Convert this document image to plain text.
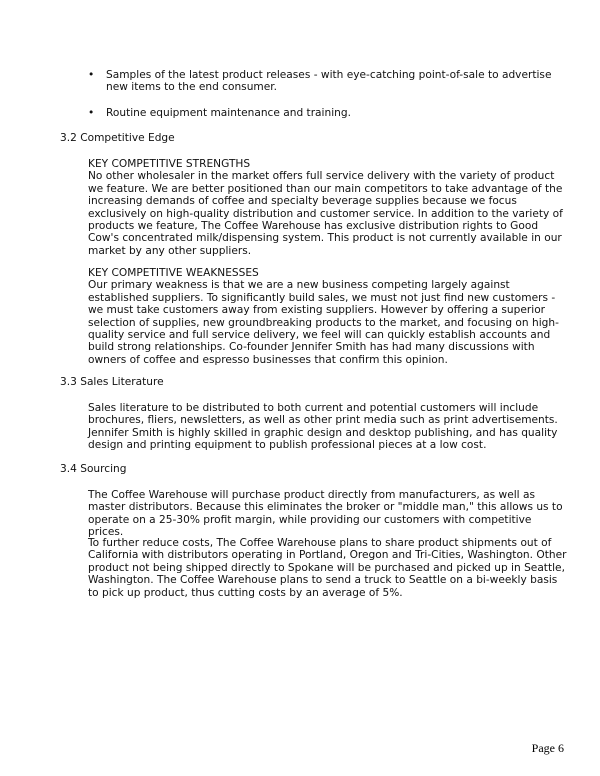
• Samples of the latest product releases - with eye-catching point-of-sale to advertise new items to the end consumer.
• Routine equipment maintenance and training.
3.2 Competitive Edge
KEY COMPETITIVE STRENGTHS
No other wholesaler in the market offers full service delivery with the variety of product we feature. We are better positioned than our main competitors to take advantage of the increasing demands of coffee and specialty beverage supplies because we focus exclusively on high-quality distribution and customer service. In addition to the variety of products we feature, The Coffee Warehouse has exclusive distribution rights to Good Cow's concentrated milk/dispensing system. This product is not currently available in our market by any other suppliers.
KEY COMPETITIVE WEAKNESSES
Our primary weakness is that we are a new business competing largely against established suppliers. To significantly build sales, we must not just find new customers - we must take customers away from existing suppliers. However by offering a superior selection of supplies, new groundbreaking products to the market, and focusing on high-quality service and full service delivery, we feel will can quickly establish accounts and build strong relationships. Co-founder Jennifer Smith has had many discussions with owners of coffee and espresso businesses that confirm this opinion.
3.3 Sales Literature

Sales literature to be distributed to both current and potential customers will include brochures, fliers, newsletters, as well as other print media such as print advertisements. Jennifer Smith is highly skilled in graphic design and desktop publishing, and has quality design and printing equipment to publish professional pieces at a low cost.

3.4 Sourcing

The Coffee Warehouse will purchase product directly from manufacturers, as well as master distributors. Because this eliminates the broker or "middle man," this allows us to operate on a 25-30% profit margin, while providing our customers with competitive prices.

To further reduce costs, The Coffee Warehouse plans to share product shipments out of California with distributors operating in Portland, Oregon and Tri-Cities, Washington. Other product not being shipped directly to Spokane will be purchased and picked up in Seattle, Washington. The Coffee Warehouse plans to send a truck to Seattle on a bi-weekly basis to pick up product, thus cutting costs by an average of 5%.

Page 6
